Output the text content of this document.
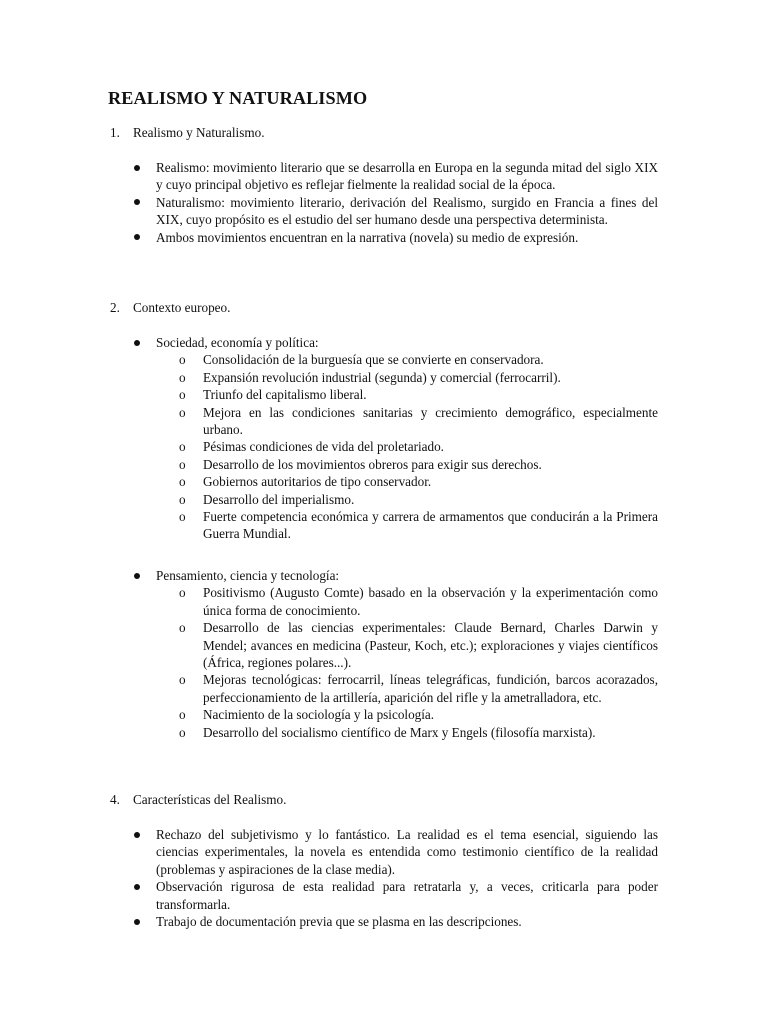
REALISMO Y NATURALISMO
1. Realismo y Naturalismo.
Realismo: movimiento literario que se desarrolla en Europa en la segunda mitad del siglo XIX y cuyo principal objetivo es reflejar fielmente la realidad social de la época.
Naturalismo: movimiento literario, derivación del Realismo, surgido en Francia a fines del XIX, cuyo propósito es el estudio del ser humano desde una perspectiva determinista.
Ambos movimientos encuentran en la narrativa (novela) su medio de expresión.
2. Contexto europeo.
Sociedad, economía y política:
o	Consolidación de la burguesía que se convierte en conservadora.
o	Expansión revolución industrial (segunda) y comercial (ferrocarril).
o	Triunfo del capitalismo liberal.
o	Mejora en las condiciones sanitarias y crecimiento demográfico, especialmente urbano.
o	Pésimas condiciones de vida del proletariado.
o	Desarrollo de los movimientos obreros para exigir sus derechos.
o	Gobiernos autoritarios de tipo conservador.
o	Desarrollo del imperialismo.
o	Fuerte competencia económica y carrera de armamentos que conducirán a la Primera Guerra Mundial.
Pensamiento, ciencia y tecnología:
o	Positivismo (Augusto Comte) basado en la observación y la experimentación como única forma de conocimiento.
o	Desarrollo de las ciencias experimentales: Claude Bernard, Charles Darwin y Mendel; avances en medicina (Pasteur, Koch, etc.); exploraciones y viajes científicos (África, regiones polares...).
o	Mejoras tecnológicas: ferrocarril, líneas telegráficas, fundición, barcos acorazados, perfeccionamiento de la artillería, aparición del rifle y la ametralladora, etc.
o	Nacimiento de la sociología y la psicología.
o	Desarrollo del socialismo científico de Marx y Engels (filosofía marxista).
4. Características del Realismo.
Rechazo del subjetivismo y lo fantástico. La realidad es el tema esencial, siguiendo las ciencias experimentales, la novela es entendida como testimonio científico de la realidad (problemas y aspiraciones de la clase media).
Observación rigurosa de esta realidad para retratarla y, a veces, criticarla para poder transformarla.
Trabajo de documentación previa que se plasma en las descripciones.
